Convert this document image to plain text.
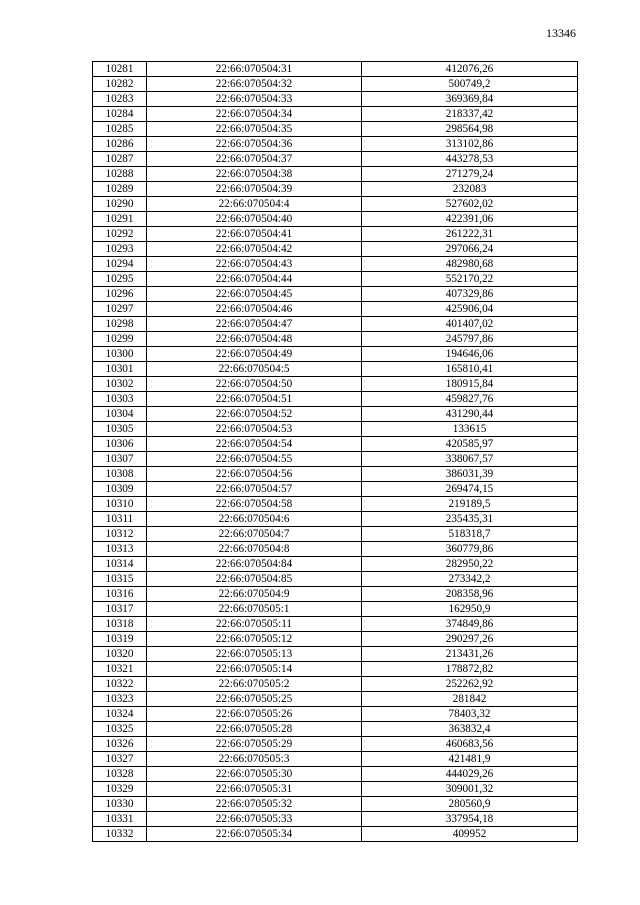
13346
10281	22:66:070504:31	412076,26
10282	22:66:070504:32	500749,2
10283	22:66:070504:33	369369,84
10284	22:66:070504:34	218337,42
10285	22:66:070504:35	298564,98
10286	22:66:070504:36	313102,86
10287	22:66:070504:37	443278,53
10288	22:66:070504:38	271279,24
10289	22:66:070504:39	232083
10290	22:66:070504:4	527602,02
10291	22:66:070504:40	422391,06
10292	22:66:070504:41	261222,31
10293	22:66:070504:42	297066,24
10294	22:66:070504:43	482980,68
10295	22:66:070504:44	552170,22
10296	22:66:070504:45	407329,86
10297	22:66:070504:46	425906,04
10298	22:66:070504:47	401407,02
10299	22:66:070504:48	245797,86
10300	22:66:070504:49	194646,06
10301	22:66:070504:5	165810,41
10302	22:66:070504:50	180915,84
10303	22:66:070504:51	459827,76
10304	22:66:070504:52	431290,44
10305	22:66:070504:53	133615
10306	22:66:070504:54	420585,97
10307	22:66:070504:55	338067,57
10308	22:66:070504:56	386031,39
10309	22:66:070504:57	269474,15
10310	22:66:070504:58	219189,5
10311	22:66:070504:6	235435,31
10312	22:66:070504:7	518318,7
10313	22:66:070504:8	360779,86
10314	22:66:070504:84	282950,22
10315	22:66:070504:85	273342,2
10316	22:66:070504:9	208358,96
10317	22:66:070505:1	162950,9
10318	22:66:070505:11	374849,86
10319	22:66:070505:12	290297,26
10320	22:66:070505:13	213431,26
10321	22:66:070505:14	178872,82
10322	22:66:070505:2	252262,92
10323	22:66:070505:25	281842
10324	22:66:070505:26	78403,32
10325	22:66:070505:28	363832,4
10326	22:66:070505:29	460683,56
10327	22:66:070505:3	421481,9
10328	22:66:070505:30	444029,26
10329	22:66:070505:31	309001,32
10330	22:66:070505:32	280560,9
10331	22:66:070505:33	337954,18
10332	22:66:070505:34	409952
